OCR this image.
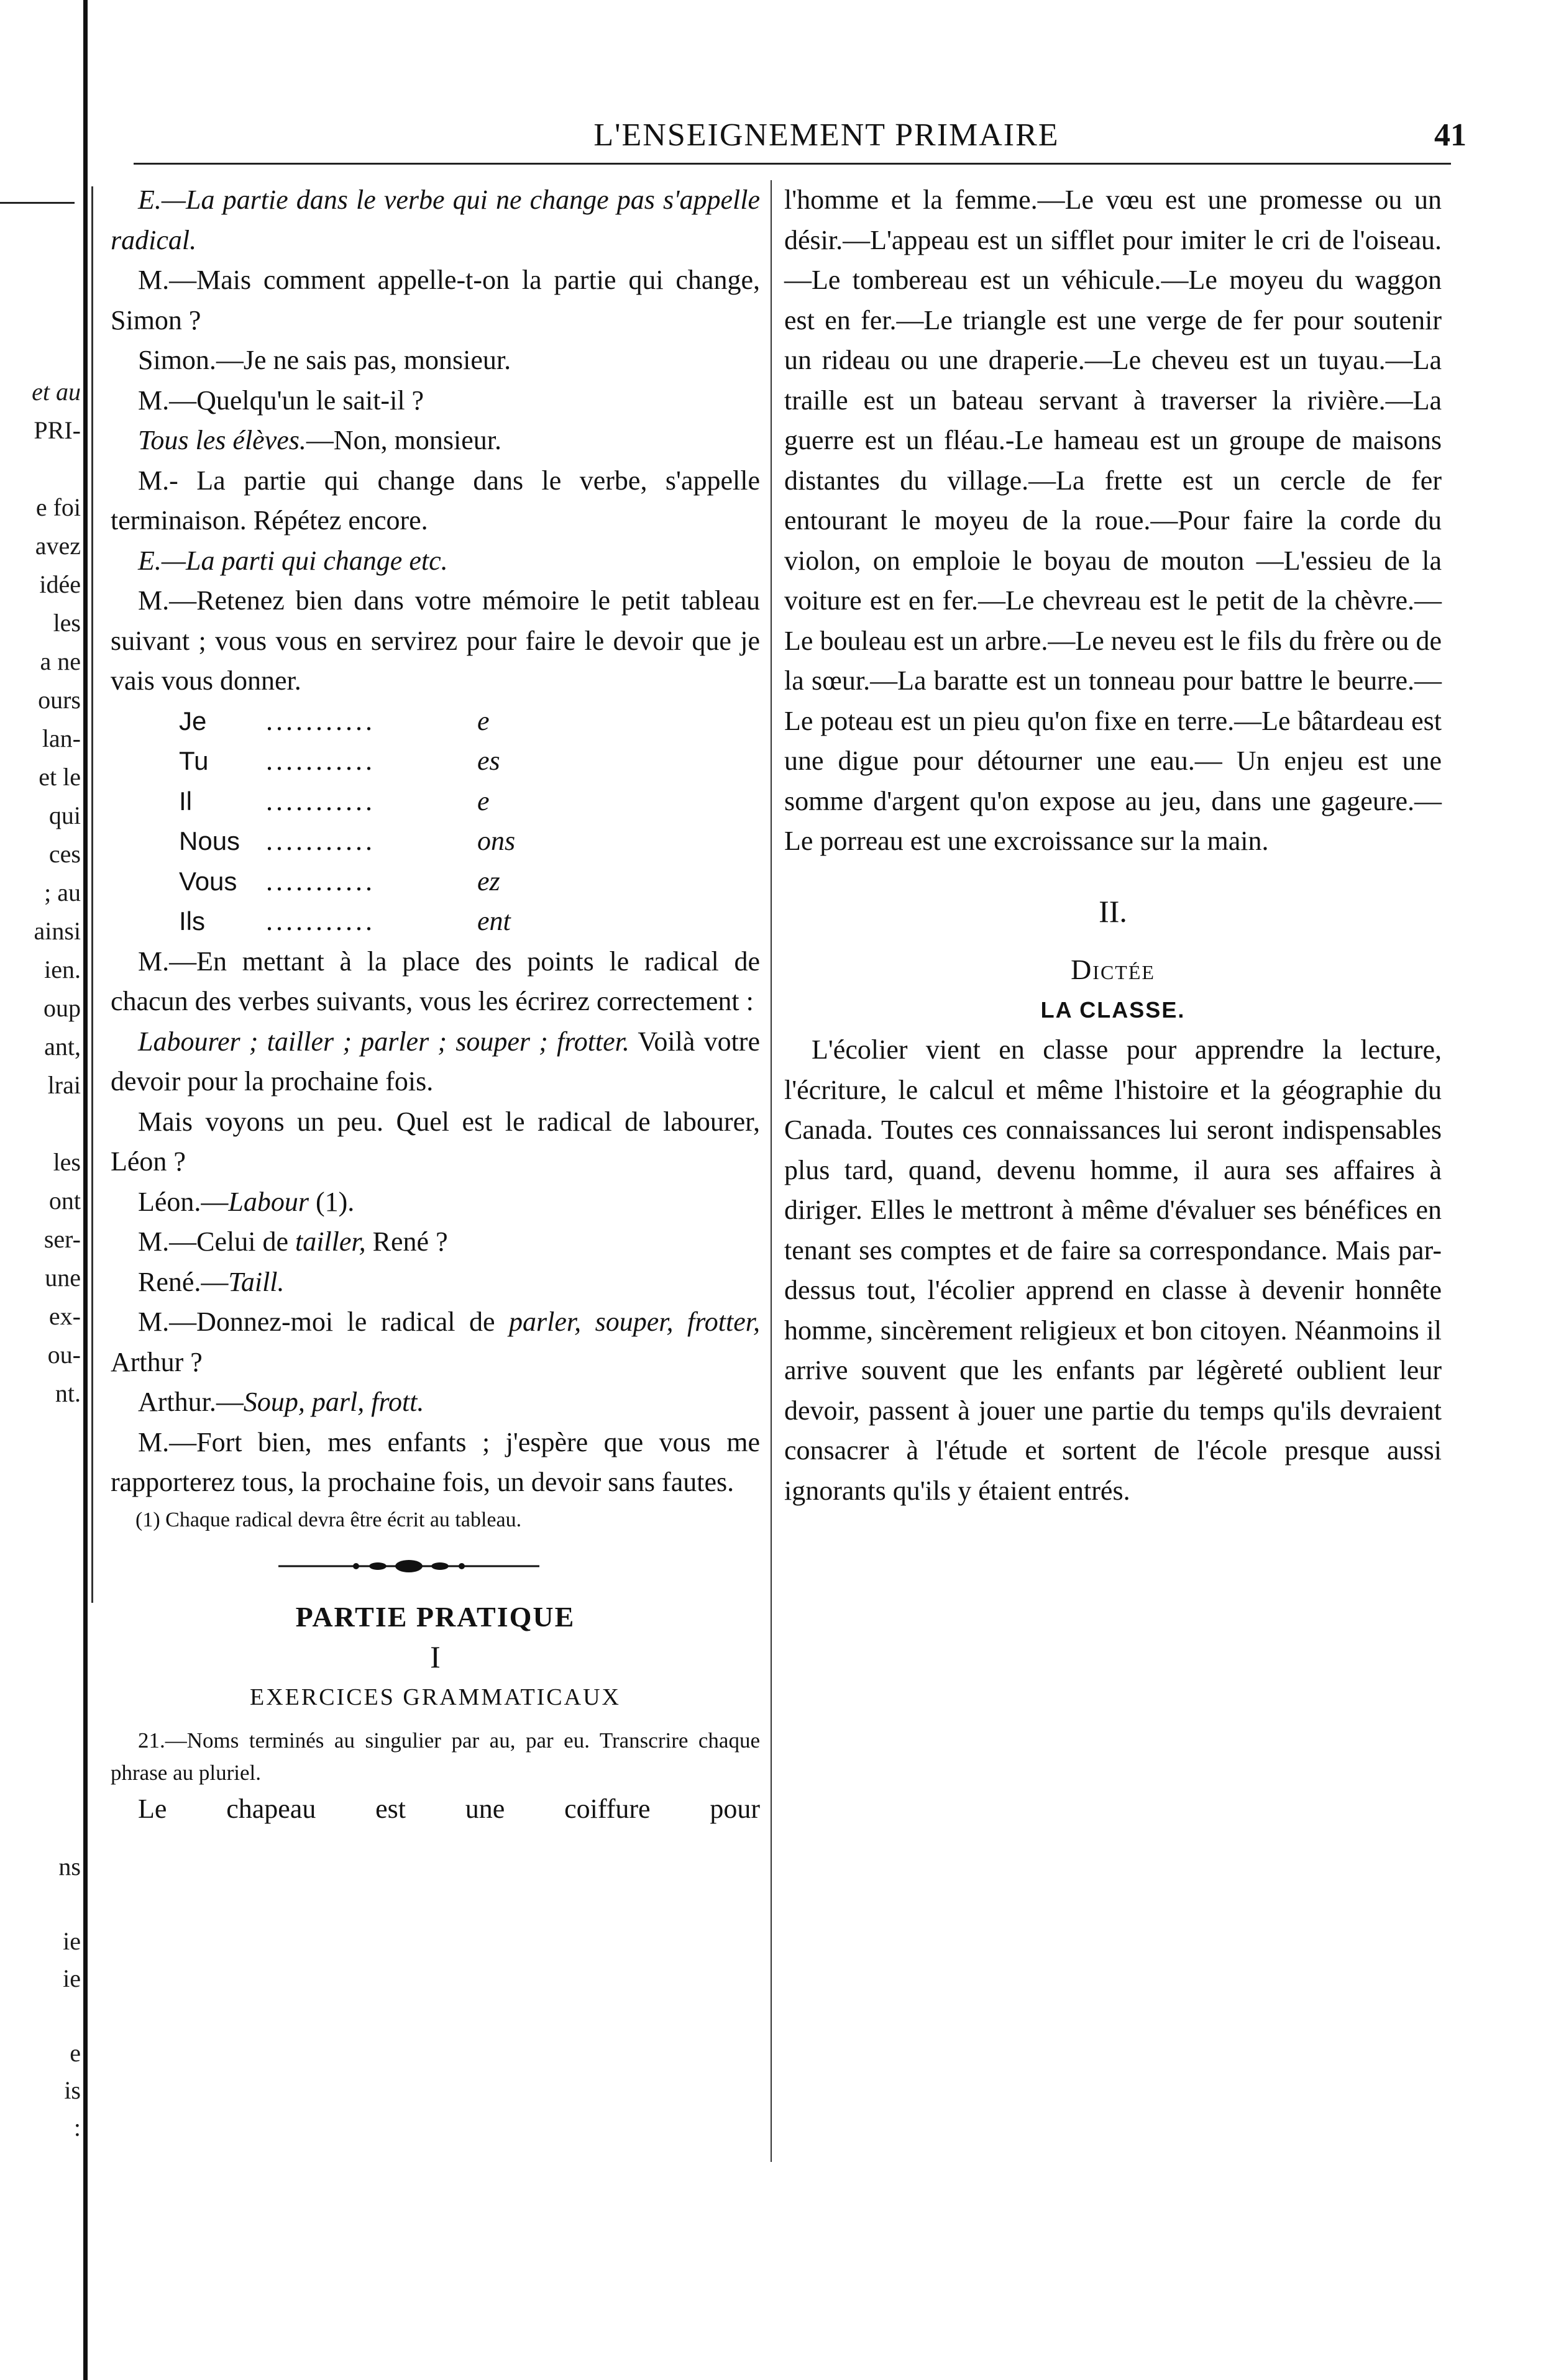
et au
PRI-

e foi
avez
idée
les
a ne
ours
lan-
et le
qui
ces
; au
ainsi
ien.
oup
ant,
lrai

les
ont
ser-
une
ex-
ou-
nt.
ns

ie
ie

e
is
:
L'ENSEIGNEMENT PRIMAIRE	41

E.—La partie dans le verbe qui ne change pas s'appelle radical.

M.—Mais comment appelle-t-on la partie qui change, Simon ?

Simon.—Je ne sais pas, monsieur.

M.—Quelqu'un le sait-il ?

Tous les élèves.—Non, monsieur.

M.- La partie qui change dans le verbe, s'appelle terminaison. Répétez encore.

E.—La parti qui change etc.

M.—Retenez bien dans votre mémoire le petit tableau suivant ; vous vous en servirez pour faire le devoir que je vais vous donner.

Je	...........	e
Tu	...........	es
Il	...........	e
Nous ...........	ons
Vous	...........	ez
Ils	...........	ent

M.—En mettant à la place des points le radical de chacun des verbes suivants, vous les écrirez correctement :

Labourer ; tailler ; parler ; souper ; frotter. Voilà votre devoir pour la prochaine fois.

Mais voyons un peu. Quel est le radical de labourer, Léon ?

Léon.—Labour (1).

M.—Celui de tailler, René ?

René.—Taill.

M.—Donnez-moi le radical de parler, souper, frotter, Arthur ?

Arthur.—Soup, parl, frott.

M.—Fort bien, mes enfants ; j'espère que vous me rapporterez tous, la prochaine fois, un devoir sans fautes.

(1) Chaque radical devra être écrit au tableau.

PARTIE PRATIQUE

I

EXERCICES GRAMMATICAUX

21.—Noms terminés au singulier par au, par eu. Transcrire chaque phrase au pluriel.

Le chapeau est une coiffure pour

l'homme et la femme.—Le vœu est une promesse ou un désir.—L'appeau est un sifflet pour imiter le cri de l'oiseau.—Le tombereau est un véhicule.—Le moyeu du waggon est en fer.—Le triangle est une verge de fer pour soutenir un rideau ou une draperie.—Le cheveu est un tuyau.—La traille est un bateau servant à traverser la rivière.—La guerre est un fléau.-Le hameau est un groupe de maisons distantes du village.—La frette est un cercle de fer entourant le moyeu de la roue.—Pour faire la corde du violon, on emploie le boyau de mouton —L'essieu de la voiture est en fer.—Le chevreau est le petit de la chèvre.—Le bouleau est un arbre.—Le neveu est le fils du frère ou de la sœur.—La baratte est un tonneau pour battre le beurre.—Le poteau est un pieu qu'on fixe en terre.—Le bâtardeau est une digue pour détourner une eau.— Un enjeu est une somme d'argent qu'on expose au jeu, dans une gageure.—Le porreau est une excroissance sur la main.

II.

Dictée

LA CLASSE.

L'écolier vient en classe pour apprendre la lecture, l'écriture, le calcul et même l'histoire et la géographie du Canada. Toutes ces connaissances lui seront indispensables plus tard, quand, devenu homme, il aura ses affaires à diriger. Elles le mettront à même d'évaluer ses bénéfices en tenant ses comptes et de faire sa correspondance. Mais par-dessus tout, l'écolier apprend en classe à devenir honnête homme, sincèrement religieux et bon citoyen. Néanmoins il arrive souvent que les enfants par légèreté oublient leur devoir, passent à jouer une partie du temps qu'ils devraient consacrer à l'étude et sortent de l'école presque aussi ignorants qu'ils y étaient entrés.
